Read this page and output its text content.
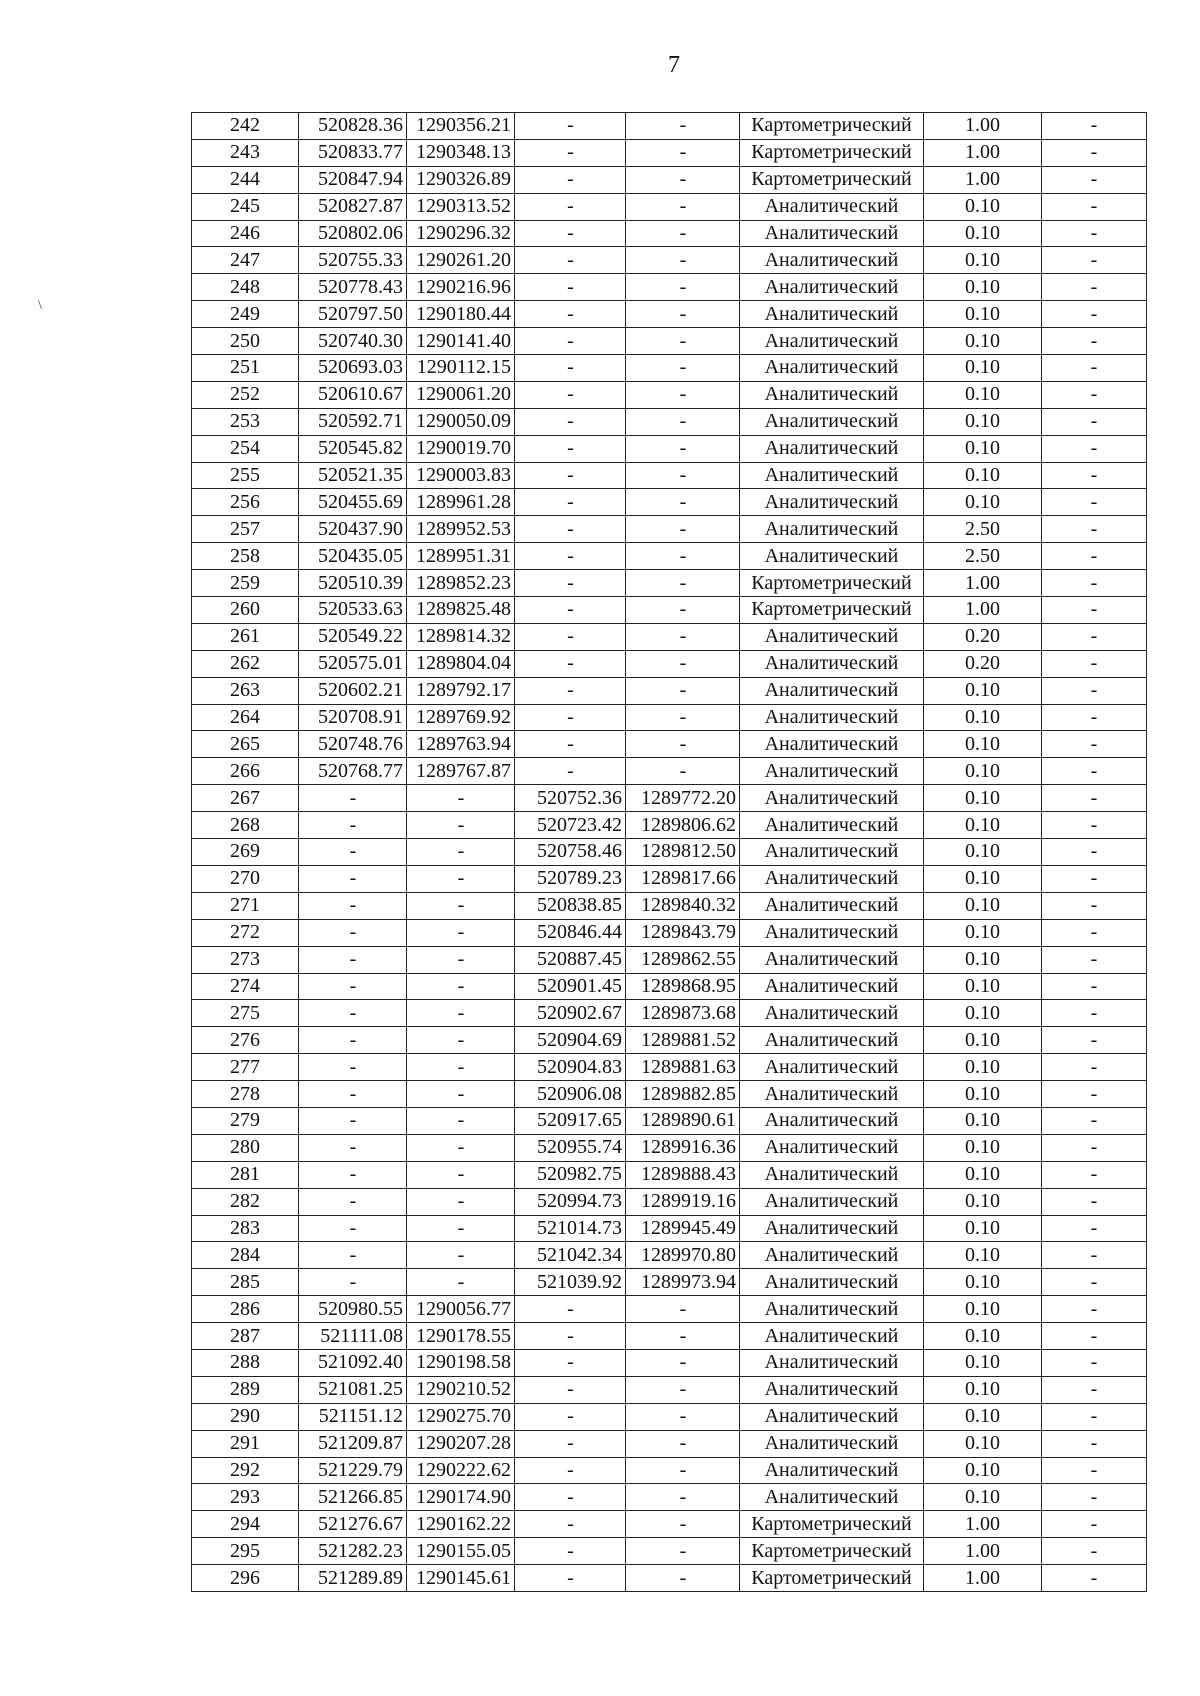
7
\
242	520828.36	1290356.21	-	-	Картометрический	1.00	-
243	520833.77	1290348.13	-	-	Картометрический	1.00	-
244	520847.94	1290326.89	-	-	Картометрический	1.00	-
245	520827.87	1290313.52	-	-	Аналитический	0.10	-
246	520802.06	1290296.32	-	-	Аналитический	0.10	-
247	520755.33	1290261.20	-	-	Аналитический	0.10	-
248	520778.43	1290216.96	-	-	Аналитический	0.10	-
249	520797.50	1290180.44	-	-	Аналитический	0.10	-
250	520740.30	1290141.40	-	-	Аналитический	0.10	-
251	520693.03	1290112.15	-	-	Аналитический	0.10	-
252	520610.67	1290061.20	-	-	Аналитический	0.10	-
253	520592.71	1290050.09	-	-	Аналитический	0.10	-
254	520545.82	1290019.70	-	-	Аналитический	0.10	-
255	520521.35	1290003.83	-	-	Аналитический	0.10	-
256	520455.69	1289961.28	-	-	Аналитический	0.10	-
257	520437.90	1289952.53	-	-	Аналитический	2.50	-
258	520435.05	1289951.31	-	-	Аналитический	2.50	-
259	520510.39	1289852.23	-	-	Картометрический	1.00	-
260	520533.63	1289825.48	-	-	Картометрический	1.00	-
261	520549.22	1289814.32	-	-	Аналитический	0.20	-
262	520575.01	1289804.04	-	-	Аналитический	0.20	-
263	520602.21	1289792.17	-	-	Аналитический	0.10	-
264	520708.91	1289769.92	-	-	Аналитический	0.10	-
265	520748.76	1289763.94	-	-	Аналитический	0.10	-
266	520768.77	1289767.87	-	-	Аналитический	0.10	-
267	-	-	520752.36	1289772.20	Аналитический	0.10	-
268	-	-	520723.42	1289806.62	Аналитический	0.10	-
269	-	-	520758.46	1289812.50	Аналитический	0.10	-
270	-	-	520789.23	1289817.66	Аналитический	0.10	-
271	-	-	520838.85	1289840.32	Аналитический	0.10	-
272	-	-	520846.44	1289843.79	Аналитический	0.10	-
273	-	-	520887.45	1289862.55	Аналитический	0.10	-
274	-	-	520901.45	1289868.95	Аналитический	0.10	-
275	-	-	520902.67	1289873.68	Аналитический	0.10	-
276	-	-	520904.69	1289881.52	Аналитический	0.10	-
277	-	-	520904.83	1289881.63	Аналитический	0.10	-
278	-	-	520906.08	1289882.85	Аналитический	0.10	-
279	-	-	520917.65	1289890.61	Аналитический	0.10	-
280	-	-	520955.74	1289916.36	Аналитический	0.10	-
281	-	-	520982.75	1289888.43	Аналитический	0.10	-
282	-	-	520994.73	1289919.16	Аналитический	0.10	-
283	-	-	521014.73	1289945.49	Аналитический	0.10	-
284	-	-	521042.34	1289970.80	Аналитический	0.10	-
285	-	-	521039.92	1289973.94	Аналитический	0.10	-
286	520980.55	1290056.77	-	-	Аналитический	0.10	-
287	521111.08	1290178.55	-	-	Аналитический	0.10	-
288	521092.40	1290198.58	-	-	Аналитический	0.10	-
289	521081.25	1290210.52	-	-	Аналитический	0.10	-
290	521151.12	1290275.70	-	-	Аналитический	0.10	-
291	521209.87	1290207.28	-	-	Аналитический	0.10	-
292	521229.79	1290222.62	-	-	Аналитический	0.10	-
293	521266.85	1290174.90	-	-	Аналитический	0.10	-
294	521276.67	1290162.22	-	-	Картометрический	1.00	-
295	521282.23	1290155.05	-	-	Картометрический	1.00	-
296	521289.89	1290145.61	-	-	Картометрический	1.00	-
